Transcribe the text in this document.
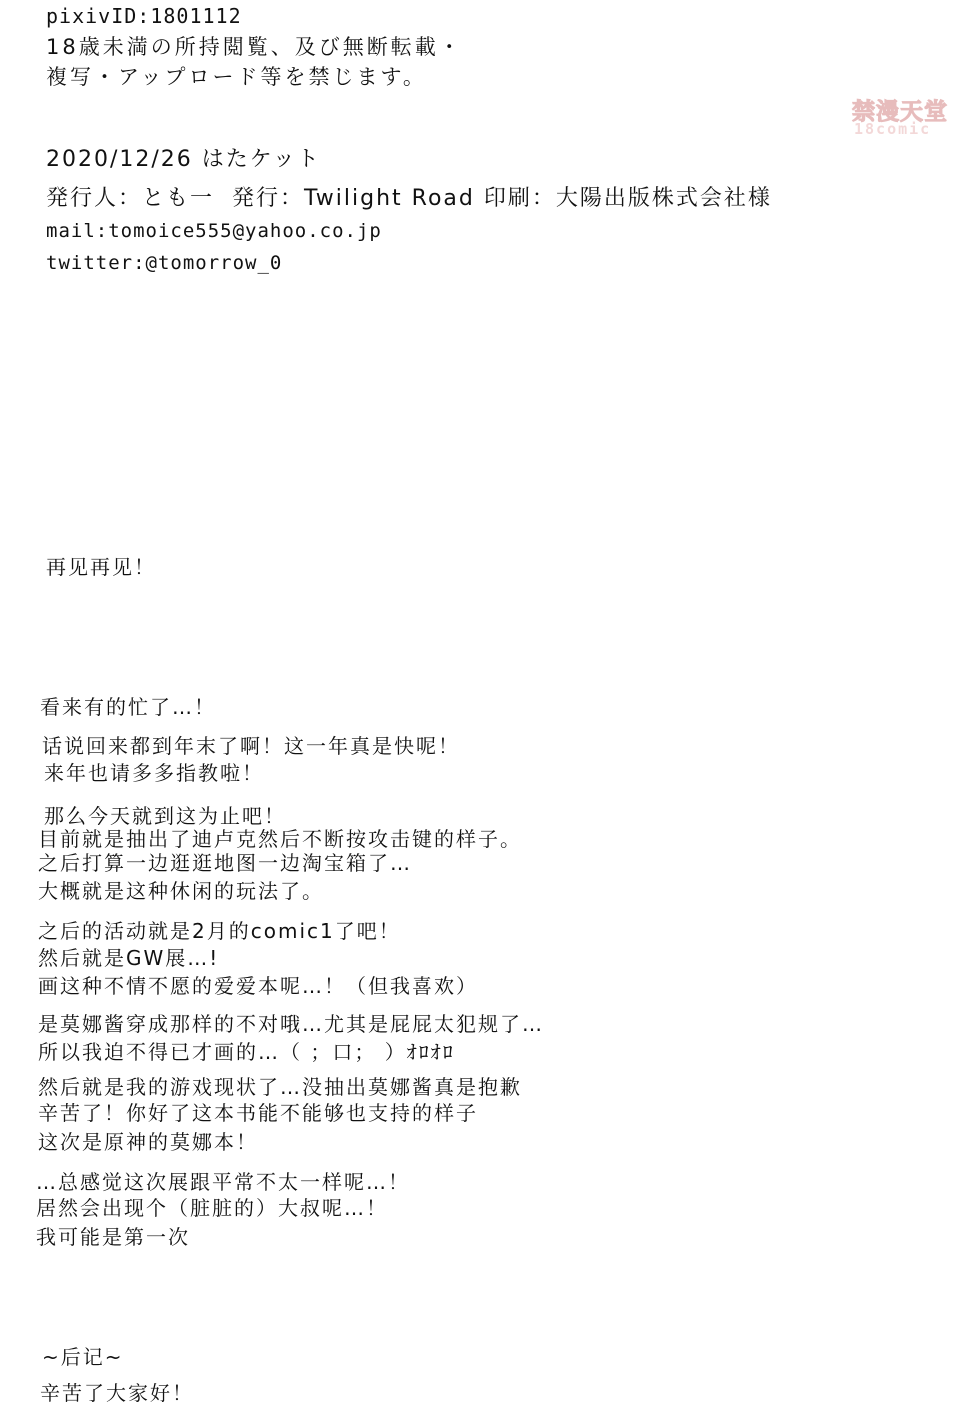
pixivID:1801112
18歳未満の所持閲覧、及び無断転載・
複写・アップロード等を禁じます。
2020/12/26 はたケット
発行人：とも一  発行：Twilight Road 印刷：大陽出版株式会社様
mail:tomoice555@yahoo.co.jp
twitter:@tomorrow_0
禁漫天堂
18comic
再见再见！
看来有的忙了…！
话说回来都到年末了啊！这一年真是快呢！
来年也请多多指教啦！
那么今天就到这为止吧！
目前就是抽出了迪卢克然后不断按攻击键的样子。
之后打算一边逛逛地图一边淘宝箱了…
大概就是这种休闲的玩法了。
之后的活动就是2月的comic1了吧！
然后就是GW展…!
画这种不情不愿的爱爱本呢…！（但我喜欢）
是莫娜酱穿成那样的不对哦…尤其是屁屁太犯规了…
所以我迫不得已才画的…（ ；口； ）ｵﾛｵﾛ
然后就是我的游戏现状了…没抽出莫娜酱真是抱歉
辛苦了！你好了这本书能不能够也支持的样子
这次是原神的莫娜本！
…总感觉这次展跟平常不太一样呢…！
居然会出现个（脏脏的）大叔呢…！
我可能是第一次
~后记~
辛苦了大家好！
